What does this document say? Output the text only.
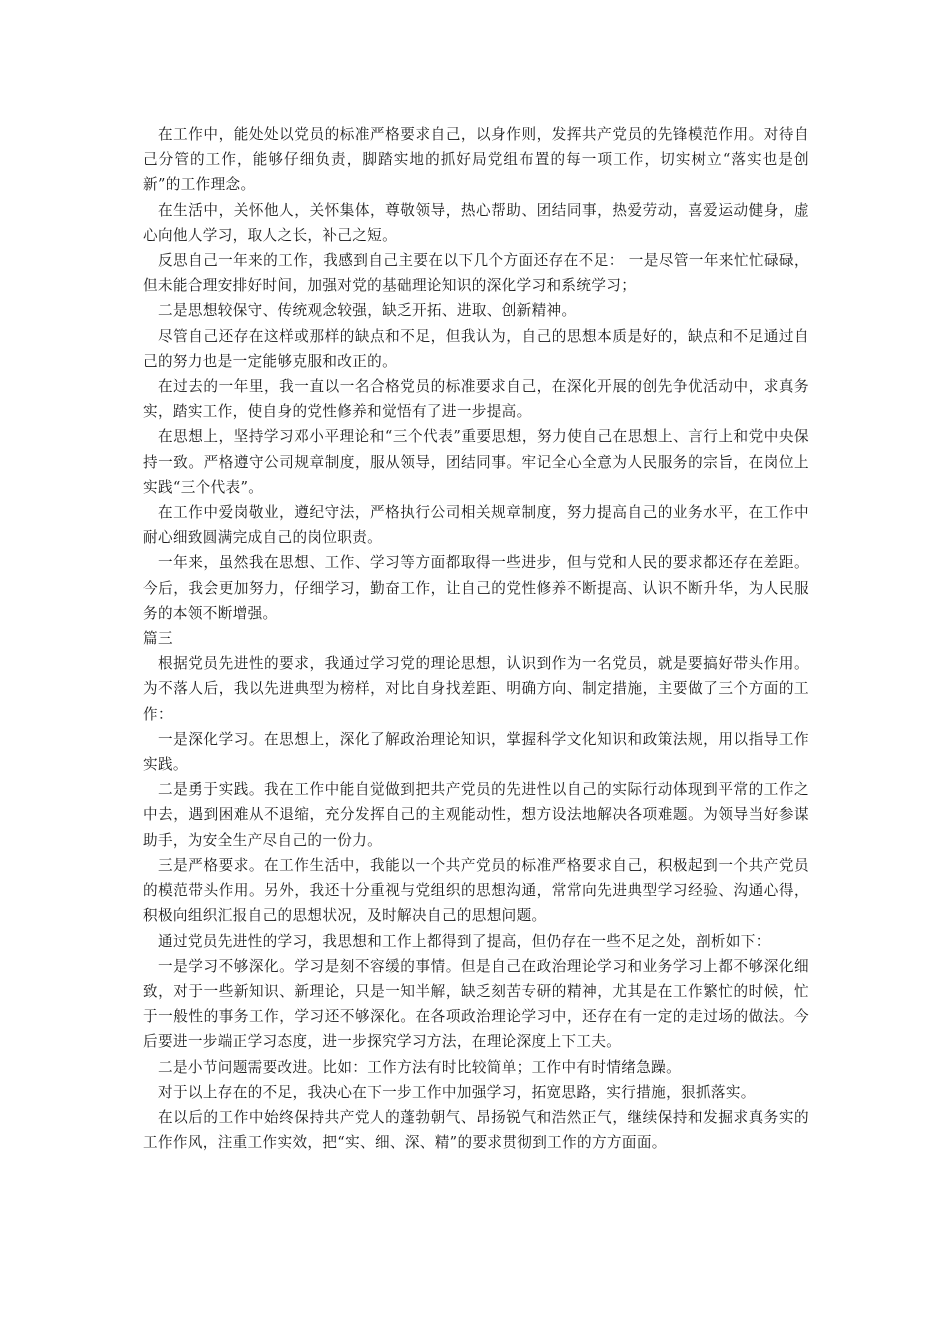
在工作中，能处处以党员的标准严格要求自己，以身作则，发挥共产党员的先锋模范作用。对待自己分管的工作，能够仔细负责，脚踏实地的抓好局党组布置的每一项工作，切实树立“落实也是创新”的工作理念。

在生活中，关怀他人，关怀集体，尊敬领导，热心帮助、团结同事，热爱劳动，喜爱运动健身，虚心向他人学习，取人之长，补己之短。

反思自己一年来的工作，我感到自己主要在以下几个方面还存在不足： 一是尽管一年来忙忙碌碌，但未能合理安排好时间，加强对党的基础理论知识的深化学习和系统学习；

二是思想较保守、传统观念较强，缺乏开拓、进取、创新精神。

尽管自己还存在这样或那样的缺点和不足，但我认为，自己的思想本质是好的，缺点和不足通过自己的努力也是一定能够克服和改正的。

在过去的一年里，我一直以一名合格党员的标准要求自己，在深化开展的创先争优活动中，求真务实，踏实工作，使自身的党性修养和觉悟有了进一步提高。

在思想上，坚持学习邓小平理论和“三个代表”重要思想，努力使自己在思想上、言行上和党中央保持一致。严格遵守公司规章制度，服从领导，团结同事。牢记全心全意为人民服务的宗旨，在岗位上实践“三个代表”。

在工作中爱岗敬业，遵纪守法，严格执行公司相关规章制度，努力提高自己的业务水平，在工作中耐心细致圆满完成自己的岗位职责。

一年来，虽然我在思想、工作、学习等方面都取得一些进步，但与党和人民的要求都还存在差距。今后，我会更加努力，仔细学习，勤奋工作，让自己的党性修养不断提高、认识不断升华，为人民服务的本领不断增强。

篇三

根据党员先进性的要求，我通过学习党的理论思想，认识到作为一名党员，就是要搞好带头作用。为不落人后，我以先进典型为榜样，对比自身找差距、明确方向、制定措施，主要做了三个方面的工作：

一是深化学习。在思想上，深化了解政治理论知识，掌握科学文化知识和政策法规，用以指导工作实践。

二是勇于实践。我在工作中能自觉做到把共产党员的先进性以自己的实际行动体现到平常的工作之中去，遇到困难从不退缩，充分发挥自己的主观能动性，想方设法地解决各项难题。为领导当好参谋助手，为安全生产尽自己的一份力。

三是严格要求。在工作生活中，我能以一个共产党员的标准严格要求自己，积极起到一个共产党员的模范带头作用。另外，我还十分重视与党组织的思想沟通，常常向先进典型学习经验、沟通心得，积极向组织汇报自己的思想状况，及时解决自己的思想问题。

通过党员先进性的学习，我思想和工作上都得到了提高，但仍存在一些不足之处，剖析如下：

一是学习不够深化。学习是刻不容缓的事情。但是自己在政治理论学习和业务学习上都不够深化细致，对于一些新知识、新理论，只是一知半解，缺乏刻苦专研的精神，尤其是在工作繁忙的时候，忙于一般性的事务工作，学习还不够深化。在各项政治理论学习中，还存在有一定的走过场的做法。今后要进一步端正学习态度，进一步探究学习方法，在理论深度上下工夫。

二是小节问题需要改进。比如：工作方法有时比较简单；工作中有时情绪急躁。

对于以上存在的不足，我决心在下一步工作中加强学习，拓宽思路，实行措施，狠抓落实。

在以后的工作中始终保持共产党人的蓬勃朝气、昂扬锐气和浩然正气，继续保持和发掘求真务实的工作作风，注重工作实效，把“实、细、深、精”的要求贯彻到工作的方方面面。
